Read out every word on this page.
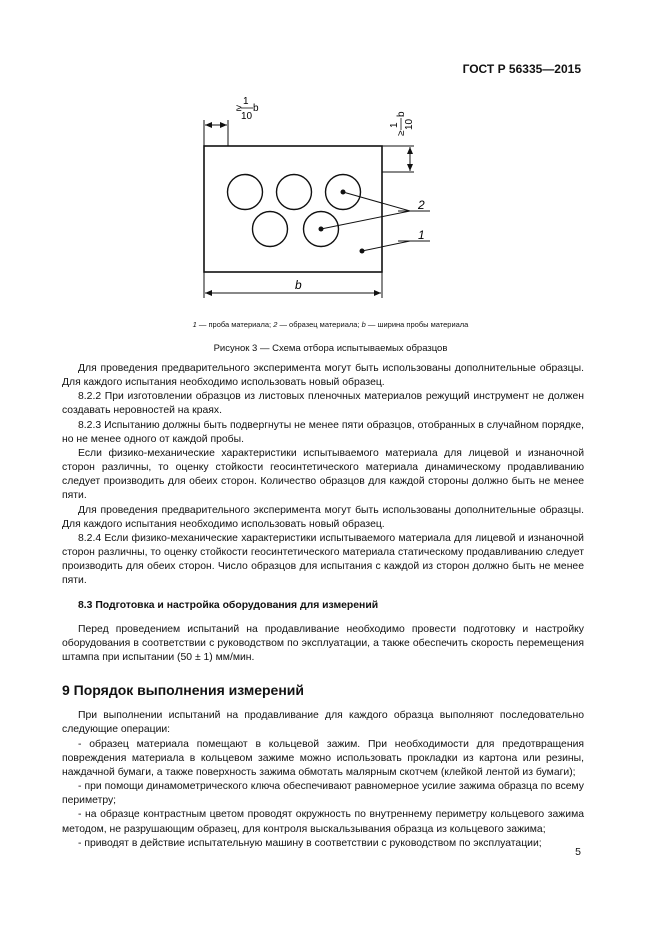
ГОСТ Р 56335—2015
2
1
≥
1
10
b
≥
1 10
b
b
1 — проба материала; 2 — образец материала; b — ширина пробы материала
Рисунок 3 — Схема отбора испытываемых образцов

Для проведения предварительного эксперимента могут быть использованы дополнительные образцы. Для каждого испытания необходимо использовать новый образец.

8.2.2 При изготовлении образцов из листовых пленочных материалов режущий инструмент не должен создавать неровностей на краях.

8.2.3 Испытанию должны быть подвергнуты не менее пяти образцов, отобранных в случайном порядке, но не менее одного от каждой пробы.

Если физико-механические характеристики испытываемого материала для лицевой и изнаночной сторон различны, то оценку стойкости геосинтетического материала динамическому продавливанию следует производить для обеих сторон. Количество образцов для каждой стороны должно быть не менее пяти.

Для проведения предварительного эксперимента могут быть использованы дополнительные образцы. Для каждого испытания необходимо использовать новый образец.

8.2.4 Если физико-механические характеристики испытываемого материала для лицевой и изнаночной сторон различны, то оценку стойкости геосинтетического материала статическому продавливанию следует производить для обеих сторон. Число образцов для испытания с каждой из сторон должно быть не менее пяти.

8.3 Подготовка и настройка оборудования для измерений

Перед проведением испытаний на продавливание необходимо провести подготовку и настройку оборудования в соответствии с руководством по эксплуатации, а также обеспечить скорость перемещения штампа при испытании (50 ± 1) мм/мин.

9 Порядок выполнения измерений

При выполнении испытаний на продавливание для каждого образца выполняют последовательно следующие операции:

- образец материала помещают в кольцевой зажим. При необходимости для предотвращения повреждения материала в кольцевом зажиме можно использовать прокладки из картона или резины, наждачной бумаги, а также поверхность зажима обмотать малярным скотчем (клейкой лентой из бумаги);

- при помощи динамометрического ключа обеспечивают равномерное усилие зажима образца по всему периметру;

- на образце контрастным цветом проводят окружность по внутреннему периметру кольцевого зажима методом, не разрушающим образец, для контроля выскальзывания образца из кольцевого зажима;

- приводят в действие испытательную машину в соответствии с руководством по эксплуатации;

5
